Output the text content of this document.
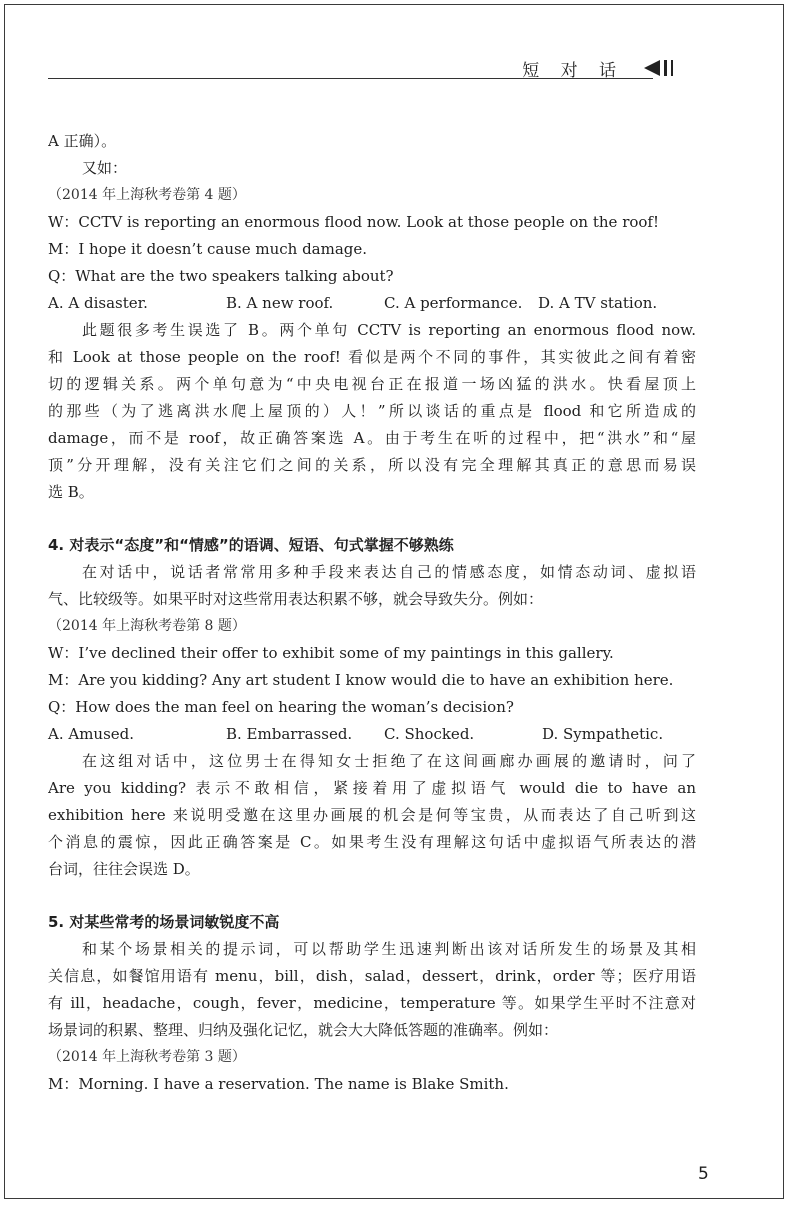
短 对 话
A 正确）。
又如：
（2014 年上海秋考卷第 4 题）
W：CCTV is reporting an enormous flood now. Look at those people on the roof!
M：I hope it doesn’t cause much damage.
Q：What are the two speakers talking about?
A. A disaster.	B. A new roof.	C. A performance. D. A TV station.
此题很多考生误选了 B。两个单句 CCTV is reporting an enormous flood now.
和 Look at those people on the roof! 看似是两个不同的事件，其实彼此之间有着密
切的逻辑关系。两个单句意为“中央电视台正在报道一场凶猛的洪水。快看屋顶上
的那些（为了逃离洪水爬上屋顶的）人！”所以谈话的重点是 flood 和它所造成的
damage，而不是 roof，故正确答案选 A。由于考生在听的过程中，把“洪水”和“屋
顶”分开理解，没有关注它们之间的关系，所以没有完全理解其真正的意思而易误
选 B。
4. 对表示“态度”和“情感”的语调、短语、句式掌握不够熟练
在对话中，说话者常常用多种手段来表达自己的情感态度，如情态动词、虚拟语
气、比较级等。如果平时对这些常用表达积累不够，就会导致失分。例如：
（2014 年上海秋考卷第 8 题）
W：I’ve declined their offer to exhibit some of my paintings in this gallery.
M：Are you kidding? Any art student I know would die to have an exhibition here.
Q：How does the man feel on hearing the woman’s decision?
A. Amused.	B. Embarrassed. C. Shocked.	D. Sympathetic.
在这组对话中，这位男士在得知女士拒绝了在这间画廊办画展的邀请时，问了
Are you kidding? 表示不敢相信，紧接着用了虚拟语气 would die to have an
exhibition here 来说明受邀在这里办画展的机会是何等宝贵，从而表达了自己听到这
个消息的震惊，因此正确答案是 C。如果考生没有理解这句话中虚拟语气所表达的潜
台词，往往会误选 D。
5. 对某些常考的场景词敏锐度不高
和某个场景相关的提示词，可以帮助学生迅速判断出该对话所发生的场景及其相
关信息，如餐馆用语有 menu，bill，dish，salad，dessert，drink，order 等；医疗用语
有 ill，headache，cough，fever，medicine，temperature 等。如果学生平时不注意对
场景词的积累、整理、归纳及强化记忆，就会大大降低答题的准确率。例如：
（2014 年上海秋考卷第 3 题）
M：Morning. I have a reservation. The name is Blake Smith.
5
